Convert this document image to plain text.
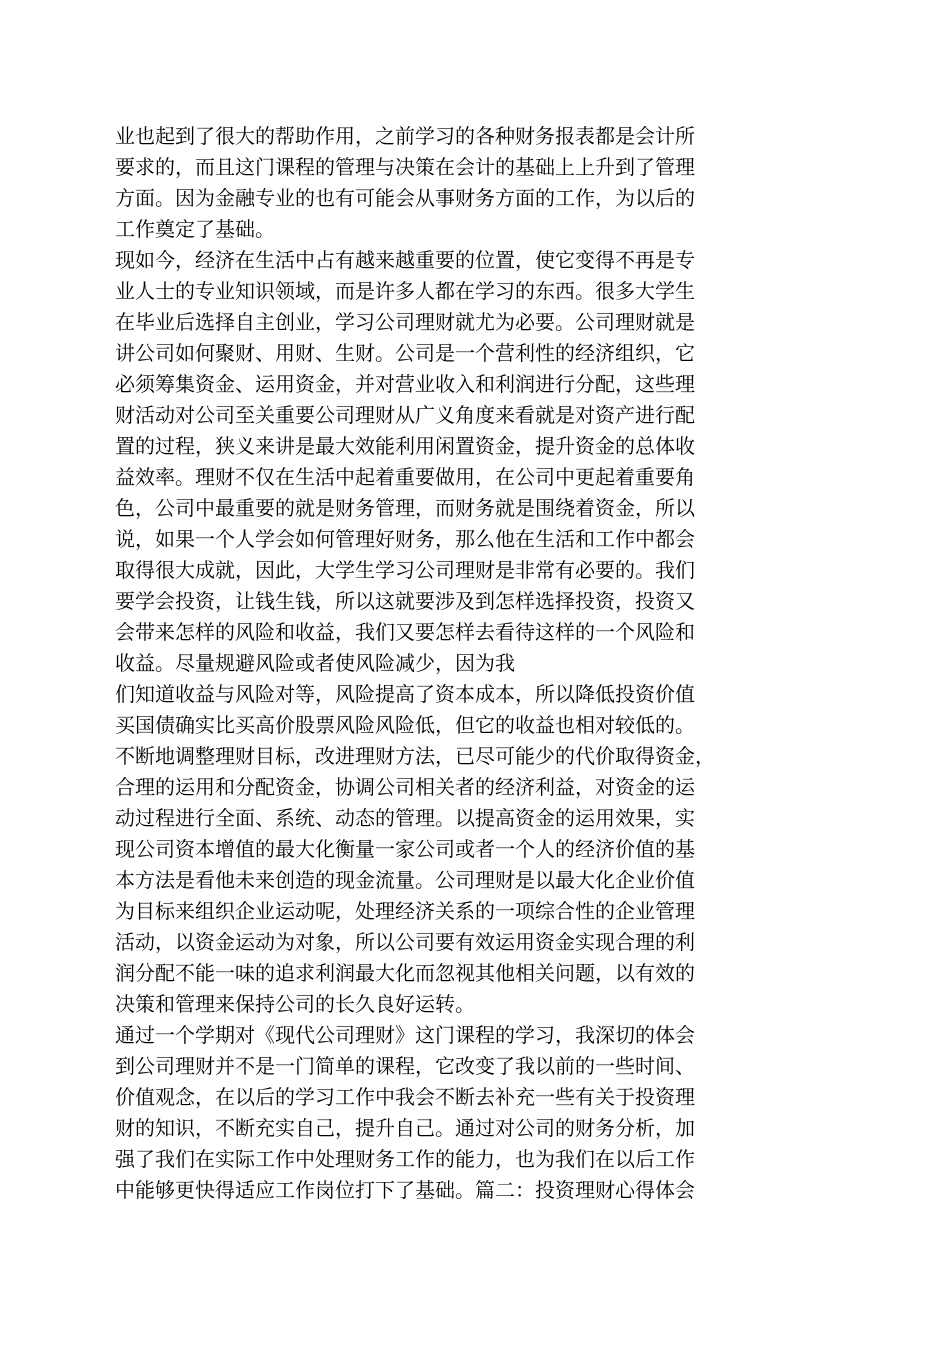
业也起到了很大的帮助作用，之前学习的各种财务报表都是会计所
要求的，而且这门课程的管理与决策在会计的基础上上升到了管理
方面。因为金融专业的也有可能会从事财务方面的工作，为以后的
工作奠定了基础。
现如今，经济在生活中占有越来越重要的位置，使它变得不再是专
业人士的专业知识领域，而是许多人都在学习的东西。很多大学生
在毕业后选择自主创业，学习公司理财就尤为必要。公司理财就是
讲公司如何聚财、用财、生财。公司是一个营利性的经济组织，它
必须筹集资金、运用资金，并对营业收入和利润进行分配，这些理
财活动对公司至关重要公司理财从广义角度来看就是对资产进行配
置的过程，狭义来讲是最大效能利用闲置资金，提升资金的总体收
益效率。理财不仅在生活中起着重要做用，在公司中更起着重要角
色，公司中最重要的就是财务管理，而财务就是围绕着资金，所以
说，如果一个人学会如何管理好财务，那么他在生活和工作中都会
取得很大成就，因此，大学生学习公司理财是非常有必要的。我们
要学会投资，让钱生钱，所以这就要涉及到怎样选择投资，投资又
会带来怎样的风险和收益，我们又要怎样去看待这样的一个风险和
收益。尽量规避风险或者使风险减少，因为我
们知道收益与风险对等，风险提高了资本成本，所以降低投资价值
买国债确实比买高价股票风险风险低，但它的收益也相对较低的。
不断地调整理财目标，改进理财方法，已尽可能少的代价取得资金，
合理的运用和分配资金，协调公司相关者的经济利益，对资金的运
动过程进行全面、系统、动态的管理。以提高资金的运用效果，实
现公司资本增值的最大化衡量一家公司或者一个人的经济价值的基
本方法是看他未来创造的现金流量。公司理财是以最大化企业价值
为目标来组织企业运动呢，处理经济关系的一项综合性的企业管理
活动，以资金运动为对象，所以公司要有效运用资金实现合理的利
润分配不能一味的追求利润最大化而忽视其他相关问题，以有效的
决策和管理来保持公司的长久良好运转。
通过一个学期对《现代公司理财》这门课程的学习，我深切的体会
到公司理财并不是一门简单的课程，它改变了我以前的一些时间、
价值观念，在以后的学习工作中我会不断去补充一些有关于投资理
财的知识，不断充实自己，提升自己。通过对公司的财务分析，加
强了我们在实际工作中处理财务工作的能力，也为我们在以后工作
中能够更快得适应工作岗位打下了基础。篇二：投资理财心得体会
